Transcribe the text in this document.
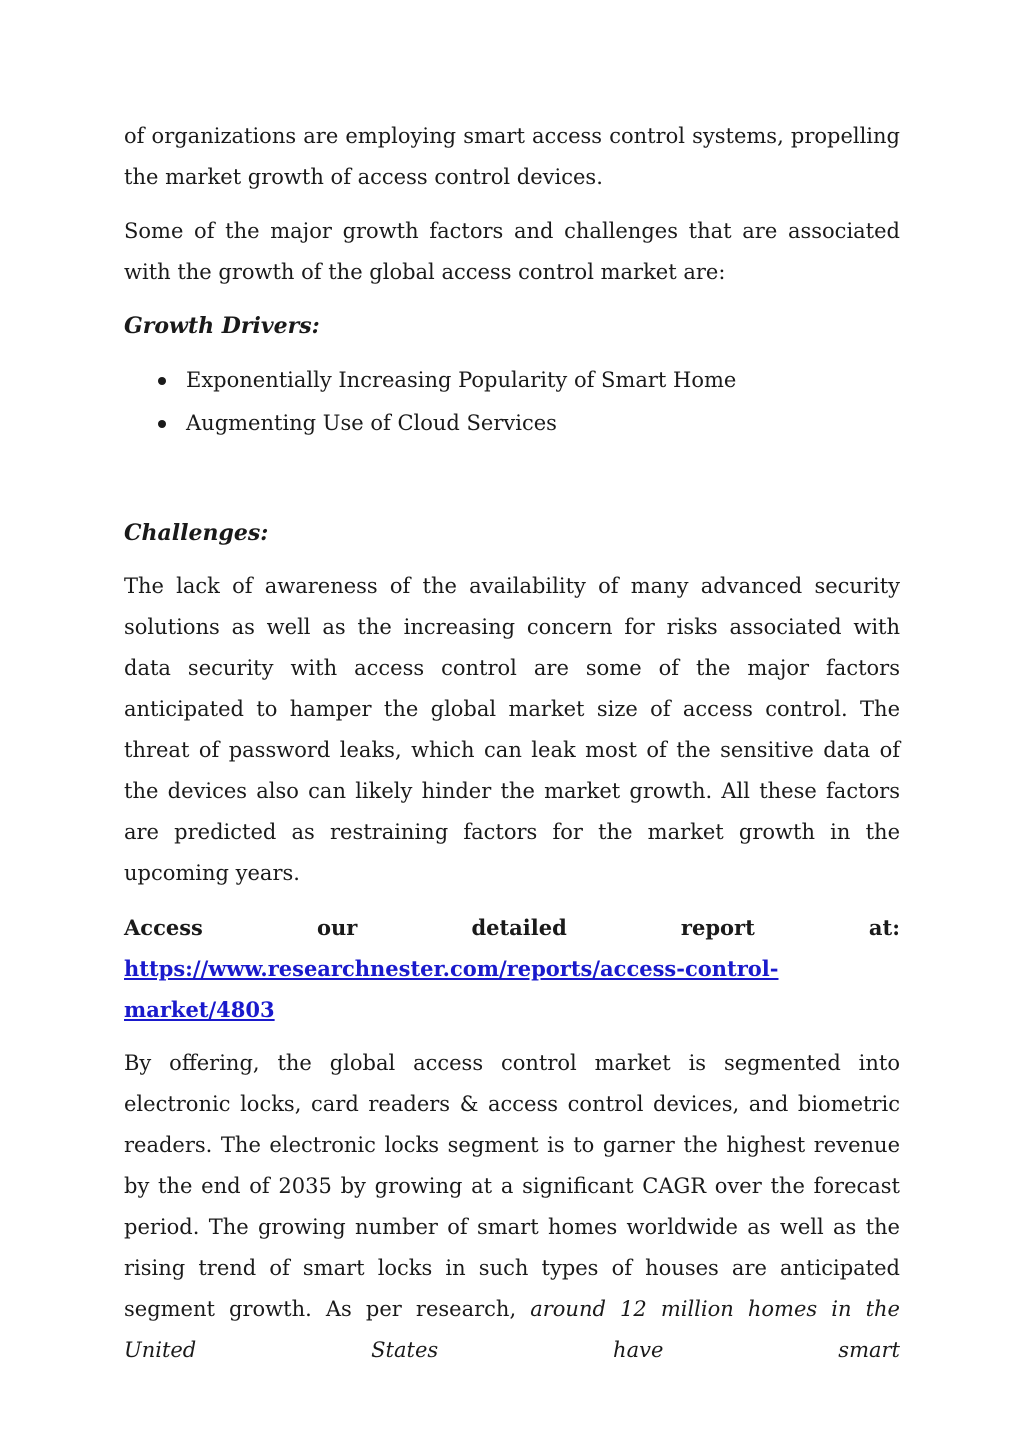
of organizations are employing smart access control systems, propelling the market growth of access control devices.

Some of the major growth factors and challenges that are associated with the growth of the global access control market are:

Growth Drivers:
Exponentially Increasing Popularity of Smart Home
Augmenting Use of Cloud Services
Challenges:

The lack of awareness of the availability of many advanced security solutions as well as the increasing concern for risks associated with data security with access control are some of the major factors anticipated to hamper the global market size of access control. The threat of password leaks, which can leak most of the sensitive data of the devices also can likely hinder the market growth. All these factors are predicted as restraining factors for the market growth in the upcoming years.

Access	our	detailed	report	at:
https://www.researchnester.com/reports/access-control-
market/4803

By offering, the global access control market is segmented into electronic locks, card readers & access control devices, and biometric readers. The electronic locks segment is to garner the highest revenue by the end of 2035 by growing at a significant CAGR over the forecast period. The growing number of smart homes worldwide as well as the rising trend of smart locks in such types of houses are anticipated segment growth. As per research, around 12 million homes in the United States have smart
